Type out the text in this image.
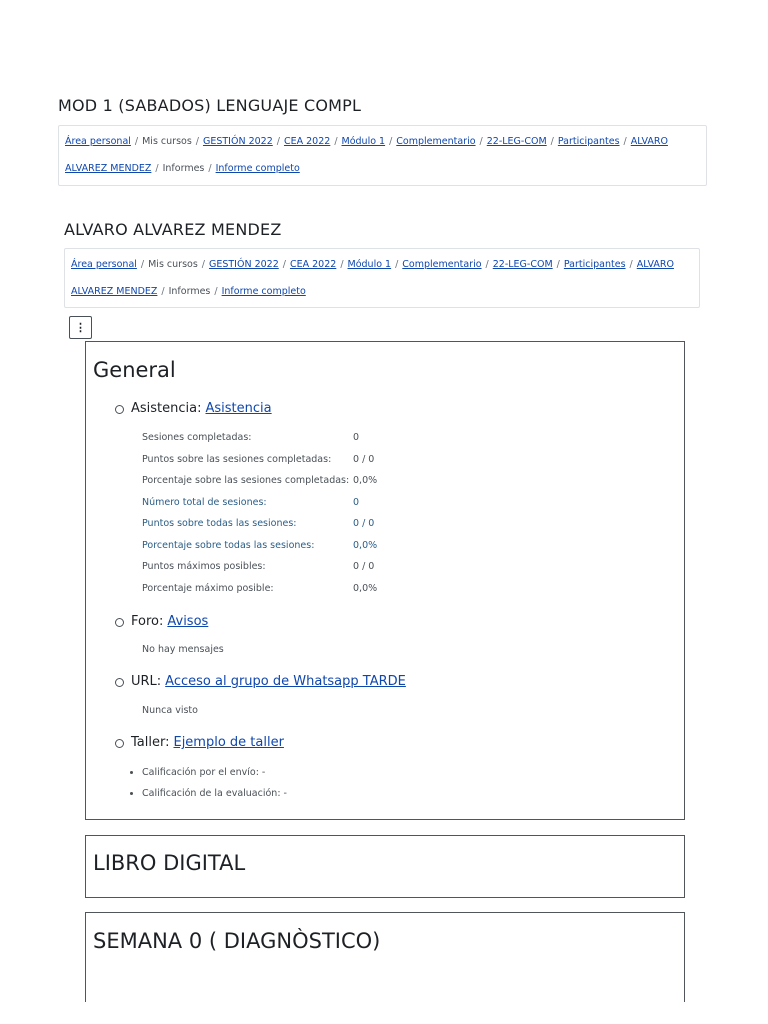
MOD 1 (SABADOS) LENGUAJE COMPL
Área personal / Mis cursos / GESTIÓN 2022 / CEA 2022 / Módulo 1 / Complementario / 22-LEG-COM / Participantes / ALVARO ALVAREZ MENDEZ / Informes / Informe completo
ALVARO ALVAREZ MENDEZ
Área personal / Mis cursos / GESTIÓN 2022 / CEA 2022 / Módulo 1 / Complementario / 22-LEG-COM / Participantes / ALVARO ALVAREZ MENDEZ / Informes / Informe completo
⋮
General
Asistencia: Asistencia
Sesiones completadas:	0
Puntos sobre las sesiones completadas:	0 / 0
Porcentaje sobre las sesiones completadas:	0,0%
Número total de sesiones:	0
Puntos sobre todas las sesiones:	0 / 0
Porcentaje sobre todas las sesiones:	0,0%
Puntos máximos posibles:	0 / 0
Porcentaje máximo posible:	0,0%
Foro: Avisos
No hay mensajes
URL: Acceso al grupo de Whatsapp TARDE
Nunca visto
Taller: Ejemplo de taller
• Calificación por el envío: -
• Calificación de la evaluación: -
LIBRO DIGITAL
SEMANA 0 ( DIAGNÒSTICO)
